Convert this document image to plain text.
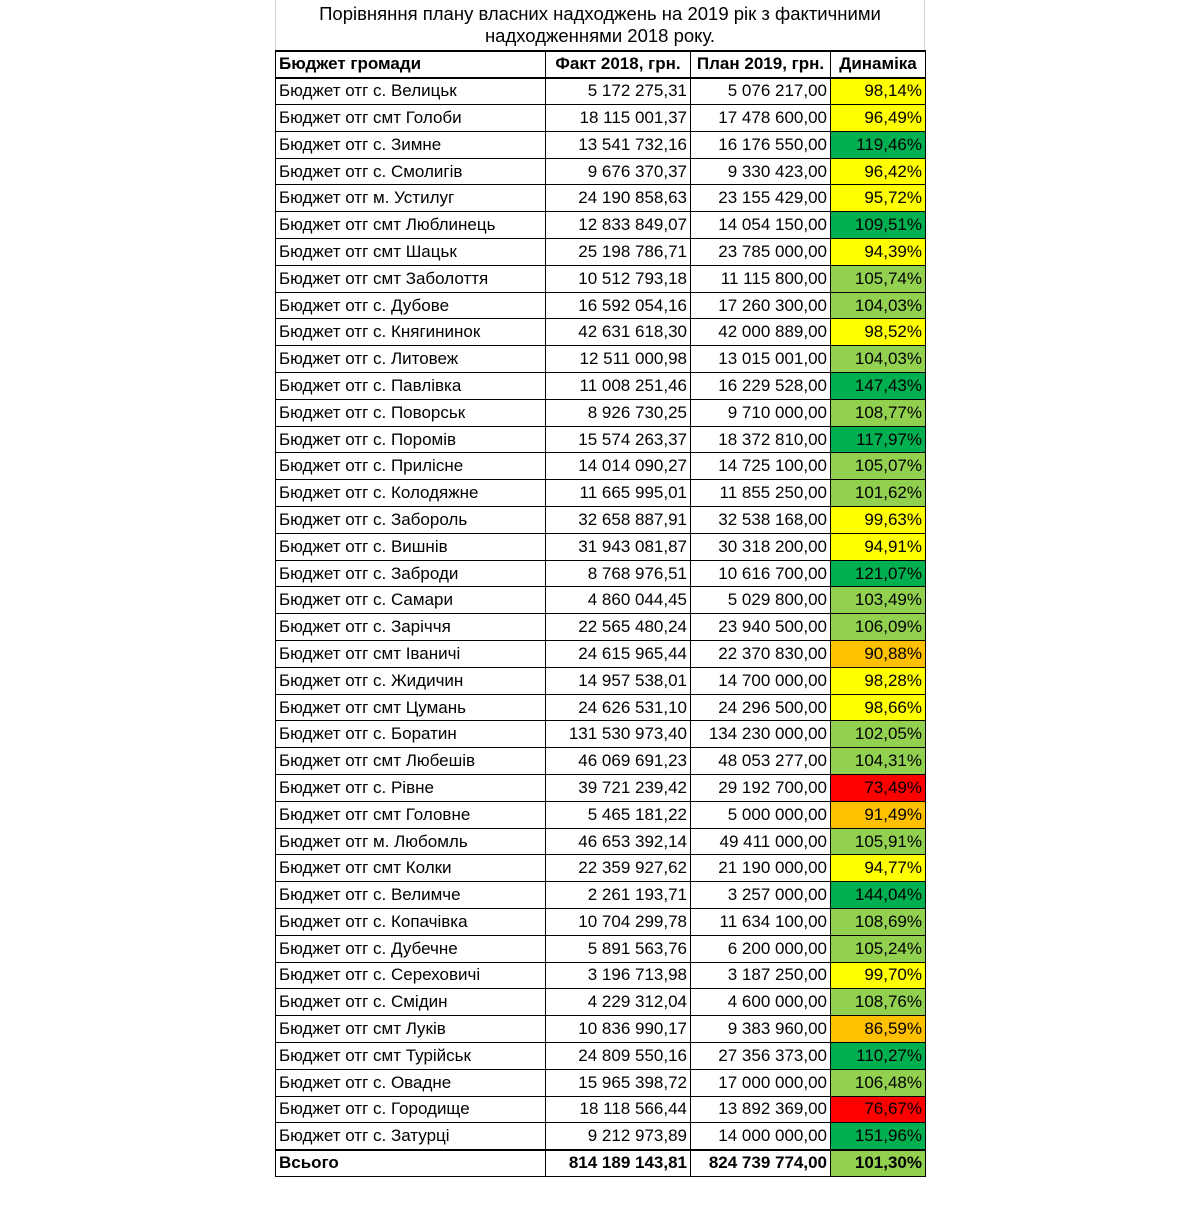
Порівняння плану власних надходжень на 2019 рік з фактичними надходженнями 2018 року.
Бюджет громади	Факт 2018, грн.	План 2019, грн.	Динаміка
Бюджет отг с. Велицьк	5 172 275,31	5 076 217,00	98,14%
Бюджет отг смт Голоби	18 115 001,37	17 478 600,00	96,49%
Бюджет отг с. Зимне	13 541 732,16	16 176 550,00	119,46%
Бюджет отг с. Смолигів	9 676 370,37	9 330 423,00	96,42%
Бюджет отг м. Устилуг	24 190 858,63	23 155 429,00	95,72%
Бюджет отг смт Люблинець	12 833 849,07	14 054 150,00	109,51%
Бюджет отг смт Шацьк	25 198 786,71	23 785 000,00	94,39%
Бюджет отг смт Заболоття	10 512 793,18	11 115 800,00	105,74%
Бюджет отг с. Дубове	16 592 054,16	17 260 300,00	104,03%
Бюджет отг с. Княгининок	42 631 618,30	42 000 889,00	98,52%
Бюджет отг с. Литовеж	12 511 000,98	13 015 001,00	104,03%
Бюджет отг с. Павлівка	11 008 251,46	16 229 528,00	147,43%
Бюджет отг с. Поворськ	8 926 730,25	9 710 000,00	108,77%
Бюджет отг с. Поромів	15 574 263,37	18 372 810,00	117,97%
Бюджет отг с. Прилісне	14 014 090,27	14 725 100,00	105,07%
Бюджет отг с. Колодяжне	11 665 995,01	11 855 250,00	101,62%
Бюджет отг с. Забороль	32 658 887,91	32 538 168,00	99,63%
Бюджет отг с. Вишнів	31 943 081,87	30 318 200,00	94,91%
Бюджет отг с. Заброди	8 768 976,51	10 616 700,00	121,07%
Бюджет отг с. Самари	4 860 044,45	5 029 800,00	103,49%
Бюджет отг с. Заріччя	22 565 480,24	23 940 500,00	106,09%
Бюджет отг смт Іваничі	24 615 965,44	22 370 830,00	90,88%
Бюджет отг с. Жидичин	14 957 538,01	14 700 000,00	98,28%
Бюджет отг смт Цумань	24 626 531,10	24 296 500,00	98,66%
Бюджет отг с. Боратин	131 530 973,40	134 230 000,00	102,05%
Бюджет отг смт Любешів	46 069 691,23	48 053 277,00	104,31%
Бюджет отг с. Рівне	39 721 239,42	29 192 700,00	73,49%
Бюджет отг смт Головне	5 465 181,22	5 000 000,00	91,49%
Бюджет отг м. Любомль	46 653 392,14	49 411 000,00	105,91%
Бюджет отг смт Колки	22 359 927,62	21 190 000,00	94,77%
Бюджет отг с. Велимче	2 261 193,71	3 257 000,00	144,04%
Бюджет отг с. Копачівка	10 704 299,78	11 634 100,00	108,69%
Бюджет отг с. Дубечне	5 891 563,76	6 200 000,00	105,24%
Бюджет отг с. Сереховичі	3 196 713,98	3 187 250,00	99,70%
Бюджет отг с. Смідин	4 229 312,04	4 600 000,00	108,76%
Бюджет отг смт Луків	10 836 990,17	9 383 960,00	86,59%
Бюджет отг смт Турійськ	24 809 550,16	27 356 373,00	110,27%
Бюджет отг с. Овадне	15 965 398,72	17 000 000,00	106,48%
Бюджет отг с. Городище	18 118 566,44	13 892 369,00	76,67%
Бюджет отг с. Затурці	9 212 973,89	14 000 000,00	151,96%
Всього	814 189 143,81	824 739 774,00	101,30%
